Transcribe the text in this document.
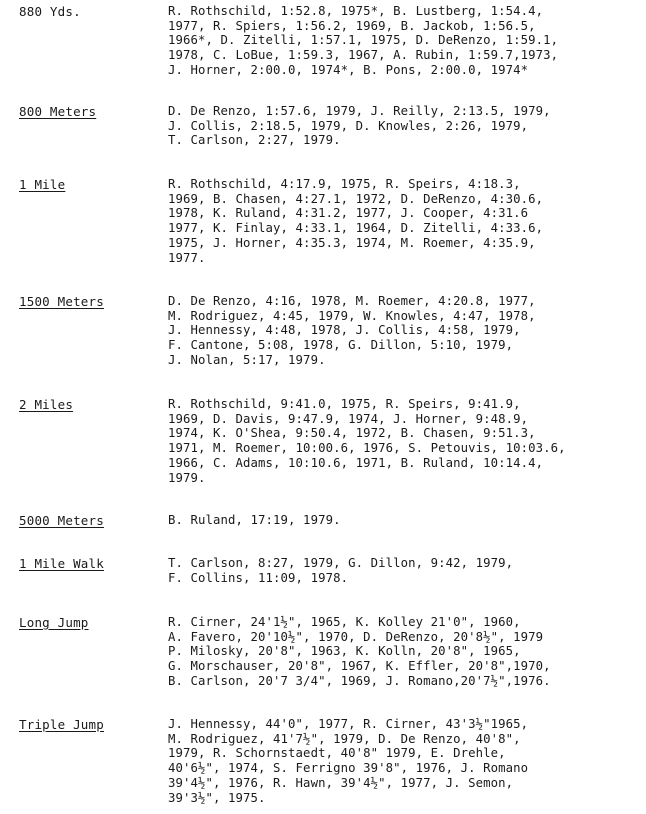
880 Yds.	R. Rothschild, 1:52.8, 1975*, B. Lustberg, 1:54.4,
1977, R. Spiers, 1:56.2, 1969, B. Jackob, 1:56.5,
1966*, D. Zitelli, 1:57.1, 1975, D. DeRenzo, 1:59.1,
1978, C. LoBue, 1:59.3, 1967, A. Rubin, 1:59.7,1973,
J. Horner, 2:00.0, 1974*, B. Pons, 2:00.0, 1974*
800 Meters	D. De Renzo, 1:57.6, 1979, J. Reilly, 2:13.5, 1979,
J. Collis, 2:18.5, 1979, D. Knowles, 2:26, 1979,
T. Carlson, 2:27, 1979.
1 Mile	R. Rothschild, 4:17.9, 1975, R. Speirs, 4:18.3,
1969, B. Chasen, 4:27.1, 1972, D. DeRenzo, 4:30.6,
1978, K. Ruland, 4:31.2, 1977, J. Cooper, 4:31.6
1977, K. Finlay, 4:33.1, 1964, D. Zitelli, 4:33.6,
1975, J. Horner, 4:35.3, 1974, M. Roemer, 4:35.9,
1977.
1500 Meters	D. De Renzo, 4:16, 1978, M. Roemer, 4:20.8, 1977,
M. Rodriguez, 4:45, 1979, W. Knowles, 4:47, 1978,
J. Hennessy, 4:48, 1978, J. Collis, 4:58, 1979,
F. Cantone, 5:08, 1978, G. Dillon, 5:10, 1979,
J. Nolan, 5:17, 1979.
2 Miles	R. Rothschild, 9:41.0, 1975, R. Speirs, 9:41.9,
1969, D. Davis, 9:47.9, 1974, J. Horner, 9:48.9,
1974, K. O'Shea, 9:50.4, 1972, B. Chasen, 9:51.3,
1971, M. Roemer, 10:00.6, 1976, S. Petouvis, 10:03.6,
1966, C. Adams, 10:10.6, 1971, B. Ruland, 10:14.4,
1979.
5000 Meters	B. Ruland, 17:19, 1979.
1 Mile Walk	T. Carlson, 8:27, 1979, G. Dillon, 9:42, 1979,
F. Collins, 11:09, 1978.
Long Jump	R. Cirner, 24'1½", 1965, K. Kolley 21'0", 1960,
A. Favero, 20'10½", 1970, D. DeRenzo, 20'8½", 1979
P. Milosky, 20'8", 1963, K. Kolln, 20'8", 1965,
G. Morschauser, 20'8", 1967, K. Effler, 20'8",1970,
B. Carlson, 20'7 3/4", 1969, J. Romano,20'7½",1976.
Triple Jump	J. Hennessy, 44'0", 1977, R. Cirner, 43'3½"1965,
M. Rodriguez, 41'7½", 1979, D. De Renzo, 40'8",
1979, R. Schornstaedt, 40'8" 1979, E. Drehle,
40'6½", 1974, S. Ferrigno 39'8", 1976, J. Romano
39'4½", 1976, R. Hawn, 39'4½", 1977, J. Semon,
39'3½", 1975.
